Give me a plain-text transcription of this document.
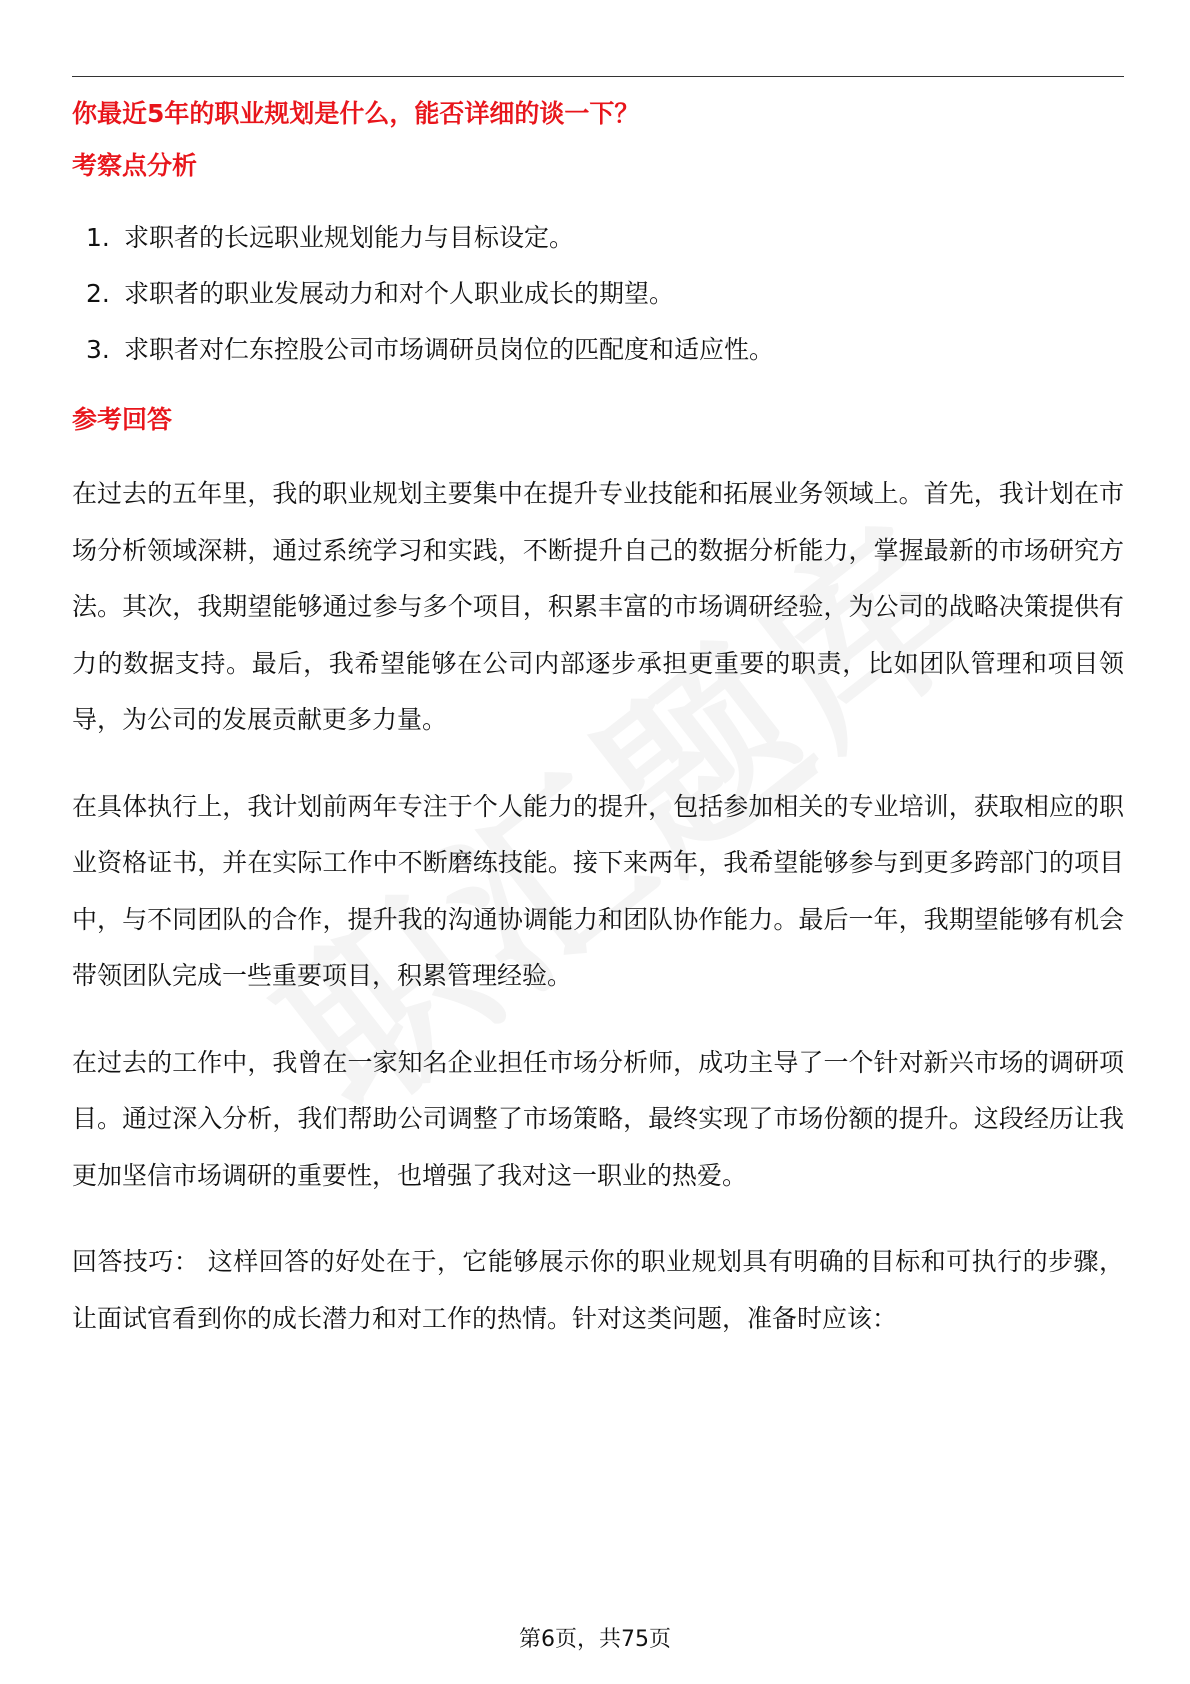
你最近5年的职业规划是什么，能否详细的谈一下？
考察点分析
1. 求职者的长远职业规划能力与目标设定。
2. 求职者的职业发展动力和对个人职业成长的期望。
3. 求职者对仁东控股公司市场调研员岗位的匹配度和适应性。
参考回答

在过去的五年里，我的职业规划主要集中在提升专业技能和拓展业务领域上。首先，我计划在市场分析领域深耕，通过系统学习和实践，不断提升自己的数据分析能力，掌握最新的市场研究方法。其次，我期望能够通过参与多个项目，积累丰富的市场调研经验，为公司的战略决策提供有力的数据支持。最后，我希望能够在公司内部逐步承担更重要的职责，比如团队管理和项目领导，为公司的发展贡献更多力量。

在具体执行上，我计划前两年专注于个人能力的提升，包括参加相关的专业培训，获取相应的职业资格证书，并在实际工作中不断磨练技能。接下来两年，我希望能够参与到更多跨部门的项目中，与不同团队的合作，提升我的沟通协调能力和团队协作能力。最后一年，我期望能够有机会带领团队完成一些重要项目，积累管理经验。

在过去的工作中，我曾在一家知名企业担任市场分析师，成功主导了一个针对新兴市场的调研项目。通过深入分析，我们帮助公司调整了市场策略，最终实现了市场份额的提升。这段经历让我更加坚信市场调研的重要性，也增强了我对这一职业的热爱。

回答技巧： 这样回答的好处在于，它能够展示你的职业规划具有明确的目标和可执行的步骤，让面试官看到你的成长潜力和对工作的热情。针对这类问题，准备时应该：

第6页，共75页
